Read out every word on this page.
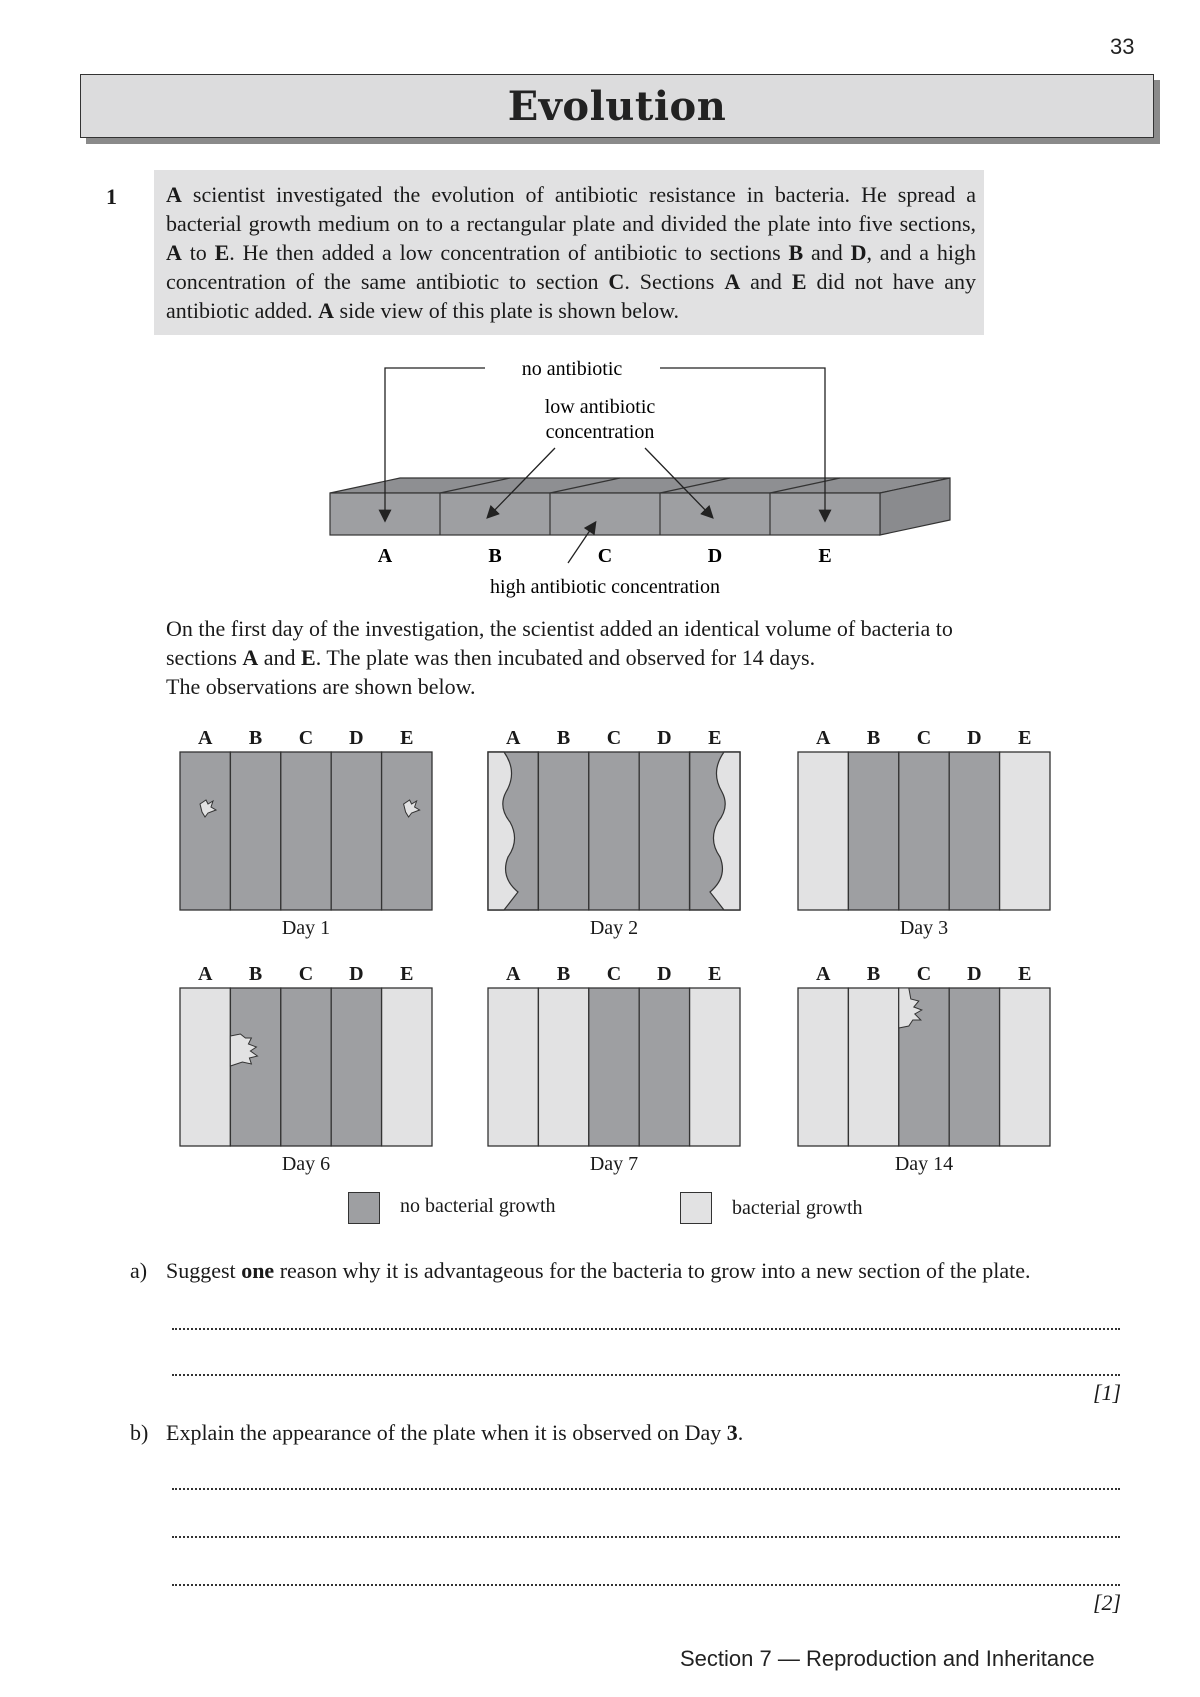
33
Evolution
1 A scientist investigated the evolution of antibiotic resistance in bacteria. He spread a bacterial growth medium on to a rectangular plate and divided the plate into five sections, A to E. He then added a low concentration of antibiotic to sections B and D, and a high concentration of the same antibiotic to section C. Sections A and E did not have any antibiotic added. A side view of this plate is shown below.
no antibiotic
low antibiotic
concentration
A	B	C	D	E
high antibiotic concentration
On the first day of the investigation, the scientist added an identical volume of bacteria to
sections A and E. The plate was then incubated and observed for 14 days.
The observations are shown below.
A B C D E
Day 1
A B C D E
Day 2
A B C D E
Day 3
A B C D E
Day 6
A B C D E
Day 7
A B C D E
Day 14
no bacterial growth	bacterial growth
a) Suggest one reason why it is advantageous for the bacteria to grow into a new section of the plate.
[1]
b) Explain the appearance of the plate when it is observed on Day 3.
[2]
Section 7 — Reproduction and Inheritance
